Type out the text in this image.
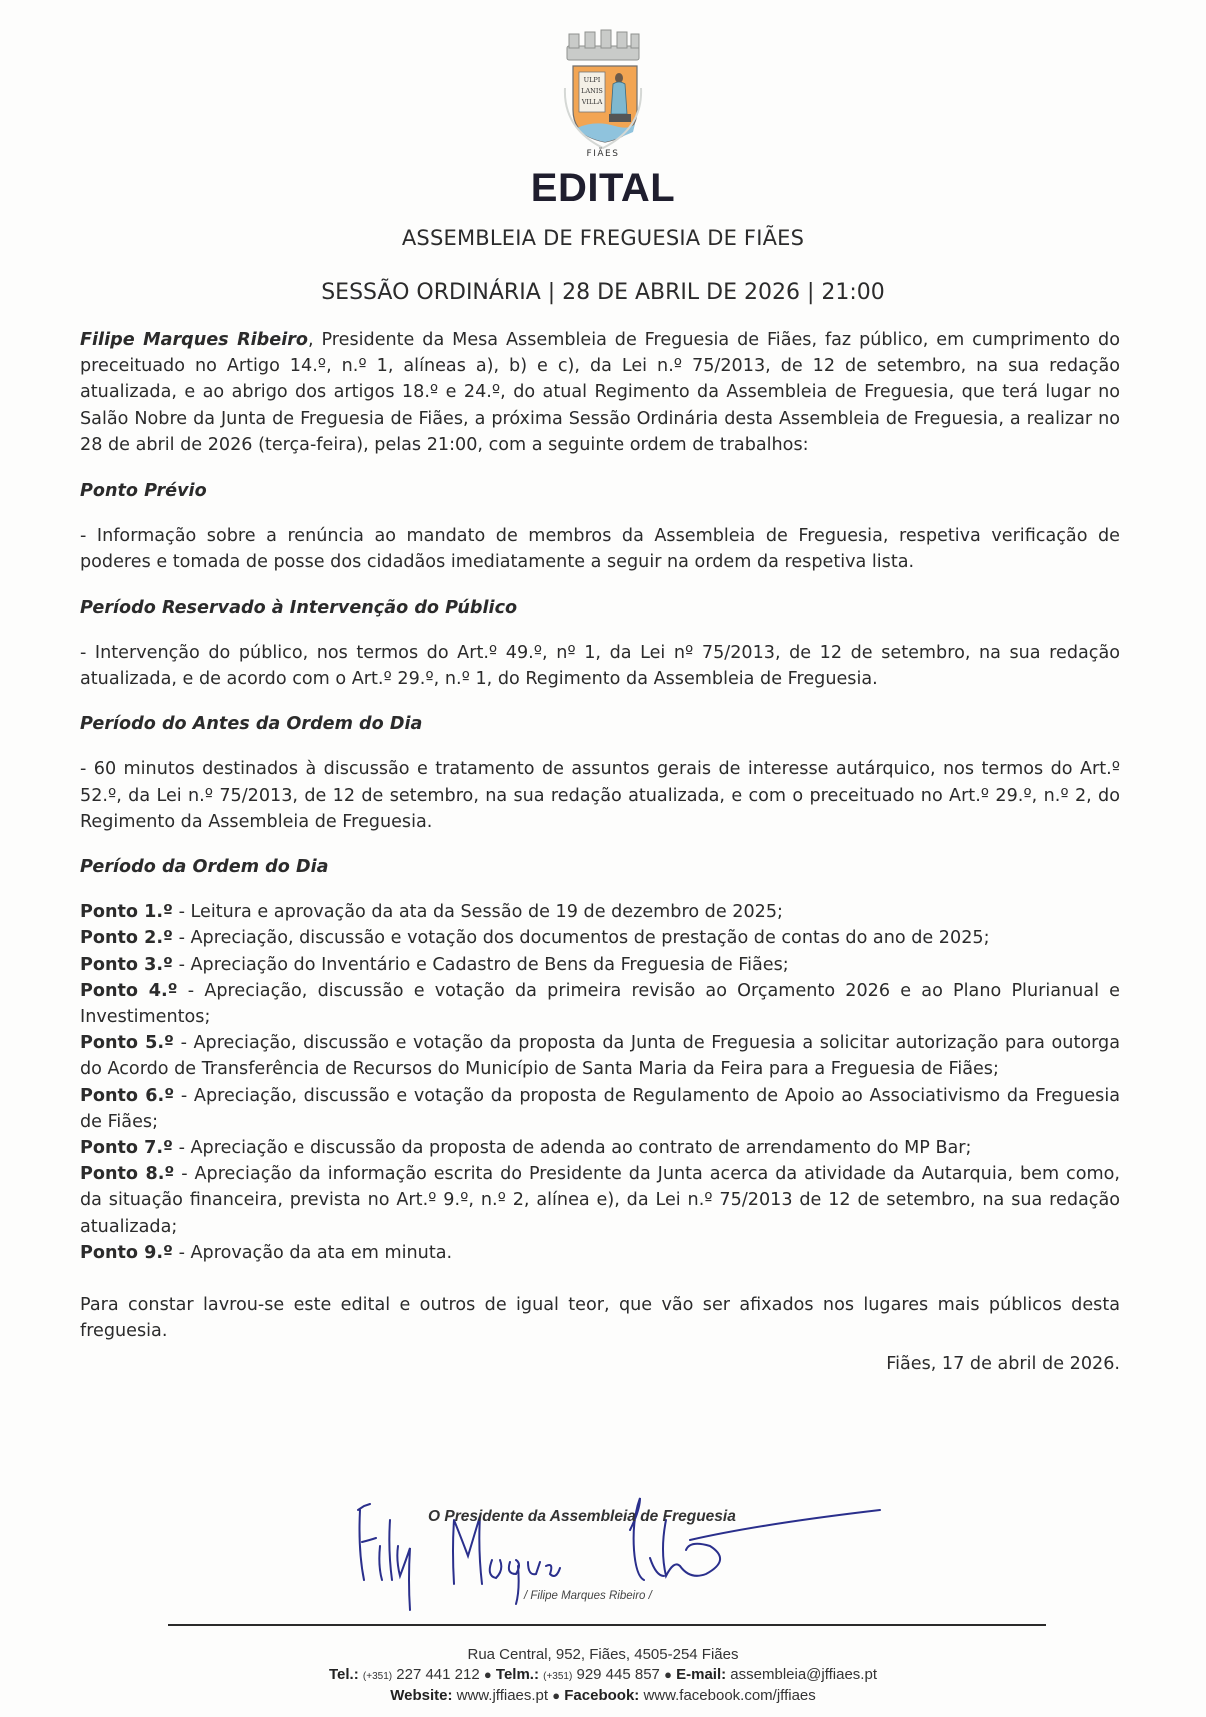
ULPI
LANIS
VILLA
FIÃES
EDITAL
ASSEMBLEIA DE FREGUESIA DE FIÃES
SESSÃO ORDINÁRIA | 28 DE ABRIL DE 2026 | 21:00

Filipe Marques Ribeiro, Presidente da Mesa Assembleia de Freguesia de Fiães, faz público, em cumprimento do preceituado no Artigo 14.º, n.º 1, alíneas a), b) e c), da Lei n.º 75/2013, de 12 de setembro, na sua redação atualizada, e ao abrigo dos artigos 18.º e 24.º, do atual Regimento da Assembleia de Freguesia, que terá lugar no Salão Nobre da Junta de Freguesia de Fiães, a próxima Sessão Ordinária desta Assembleia de Freguesia, a realizar no 28 de abril de 2026 (terça-feira), pelas 21:00, com a seguinte ordem de trabalhos:

Ponto Prévio

- Informação sobre a renúncia ao mandato de membros da Assembleia de Freguesia, respetiva verificação de poderes e tomada de posse dos cidadãos imediatamente a seguir na ordem da respetiva lista.

Período Reservado à Intervenção do Público

- Intervenção do público, nos termos do Art.º 49.º, nº 1, da Lei nº 75/2013, de 12 de setembro, na sua redação atualizada, e de acordo com o Art.º 29.º, n.º 1, do Regimento da Assembleia de Freguesia.

Período do Antes da Ordem do Dia

- 60 minutos destinados à discussão e tratamento de assuntos gerais de interesse autárquico, nos termos do Art.º 52.º, da Lei n.º 75/2013, de 12 de setembro, na sua redação atualizada, e com o preceituado no Art.º 29.º, n.º 2, do Regimento da Assembleia de Freguesia.

Período da Ordem do Dia

Ponto 1.º - Leitura e aprovação da ata da Sessão de 19 de dezembro de 2025;

Ponto 2.º - Apreciação, discussão e votação dos documentos de prestação de contas do ano de 2025;

Ponto 3.º - Apreciação do Inventário e Cadastro de Bens da Freguesia de Fiães;

Ponto 4.º - Apreciação, discussão e votação da primeira revisão ao Orçamento 2026 e ao Plano Plurianual e Investimentos;

Ponto 5.º - Apreciação, discussão e votação da proposta da Junta de Freguesia a solicitar autorização para outorga do Acordo de Transferência de Recursos do Município de Santa Maria da Feira para a Freguesia de Fiães;

Ponto 6.º - Apreciação, discussão e votação da proposta de Regulamento de Apoio ao Associativismo da Freguesia de Fiães;

Ponto 7.º - Apreciação e discussão da proposta de adenda ao contrato de arrendamento do MP Bar;

Ponto 8.º - Apreciação da informação escrita do Presidente da Junta acerca da atividade da Autarquia, bem como, da situação financeira, prevista no Art.º 9.º, n.º 2, alínea e), da Lei n.º 75/2013 de 12 de setembro, na sua redação atualizada;

Ponto 9.º - Aprovação da ata em minuta.

Para constar lavrou-se este edital e outros de igual teor, que vão ser afixados nos lugares mais públicos desta freguesia.

Fiães, 17 de abril de 2026.

O Presidente da Assembleia de Freguesia
/ Filipe Marques Ribeiro /
Rua Central, 952, Fiães, 4505-254 Fiães
Tel.: (+351) 227 441 212 ● Telm.: (+351) 929 445 857 ● E-mail: assembleia@jffiaes.pt
Website: www.jffiaes.pt ● Facebook: www.facebook.com/jffiaes
